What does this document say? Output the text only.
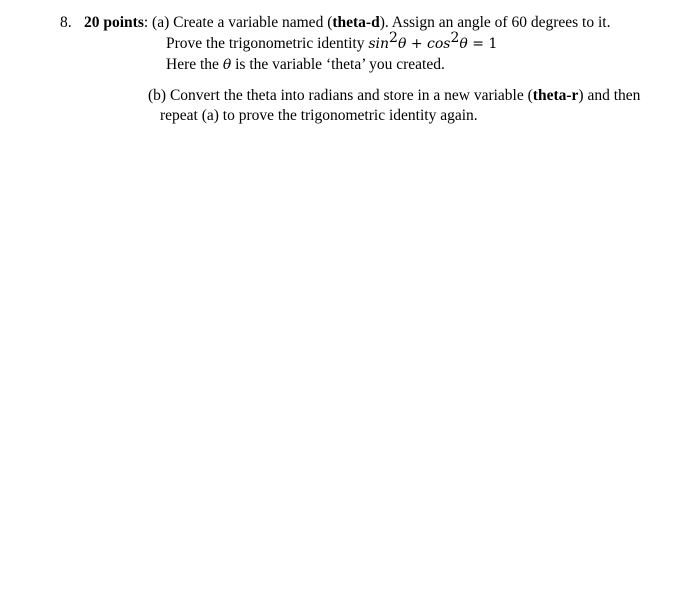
8. 20 points: (a) Create a variable named (theta-d). Assign an angle of 60 degrees to it.
Prove the trigonometric identity $\sin^2\theta + \cos^2\theta = 1$
Here the θ is the variable ‘theta’ you created.
(b) Convert the theta into radians and store in a new variable (theta-r) and then
repeat (a) to prove the trigonometric identity again.
